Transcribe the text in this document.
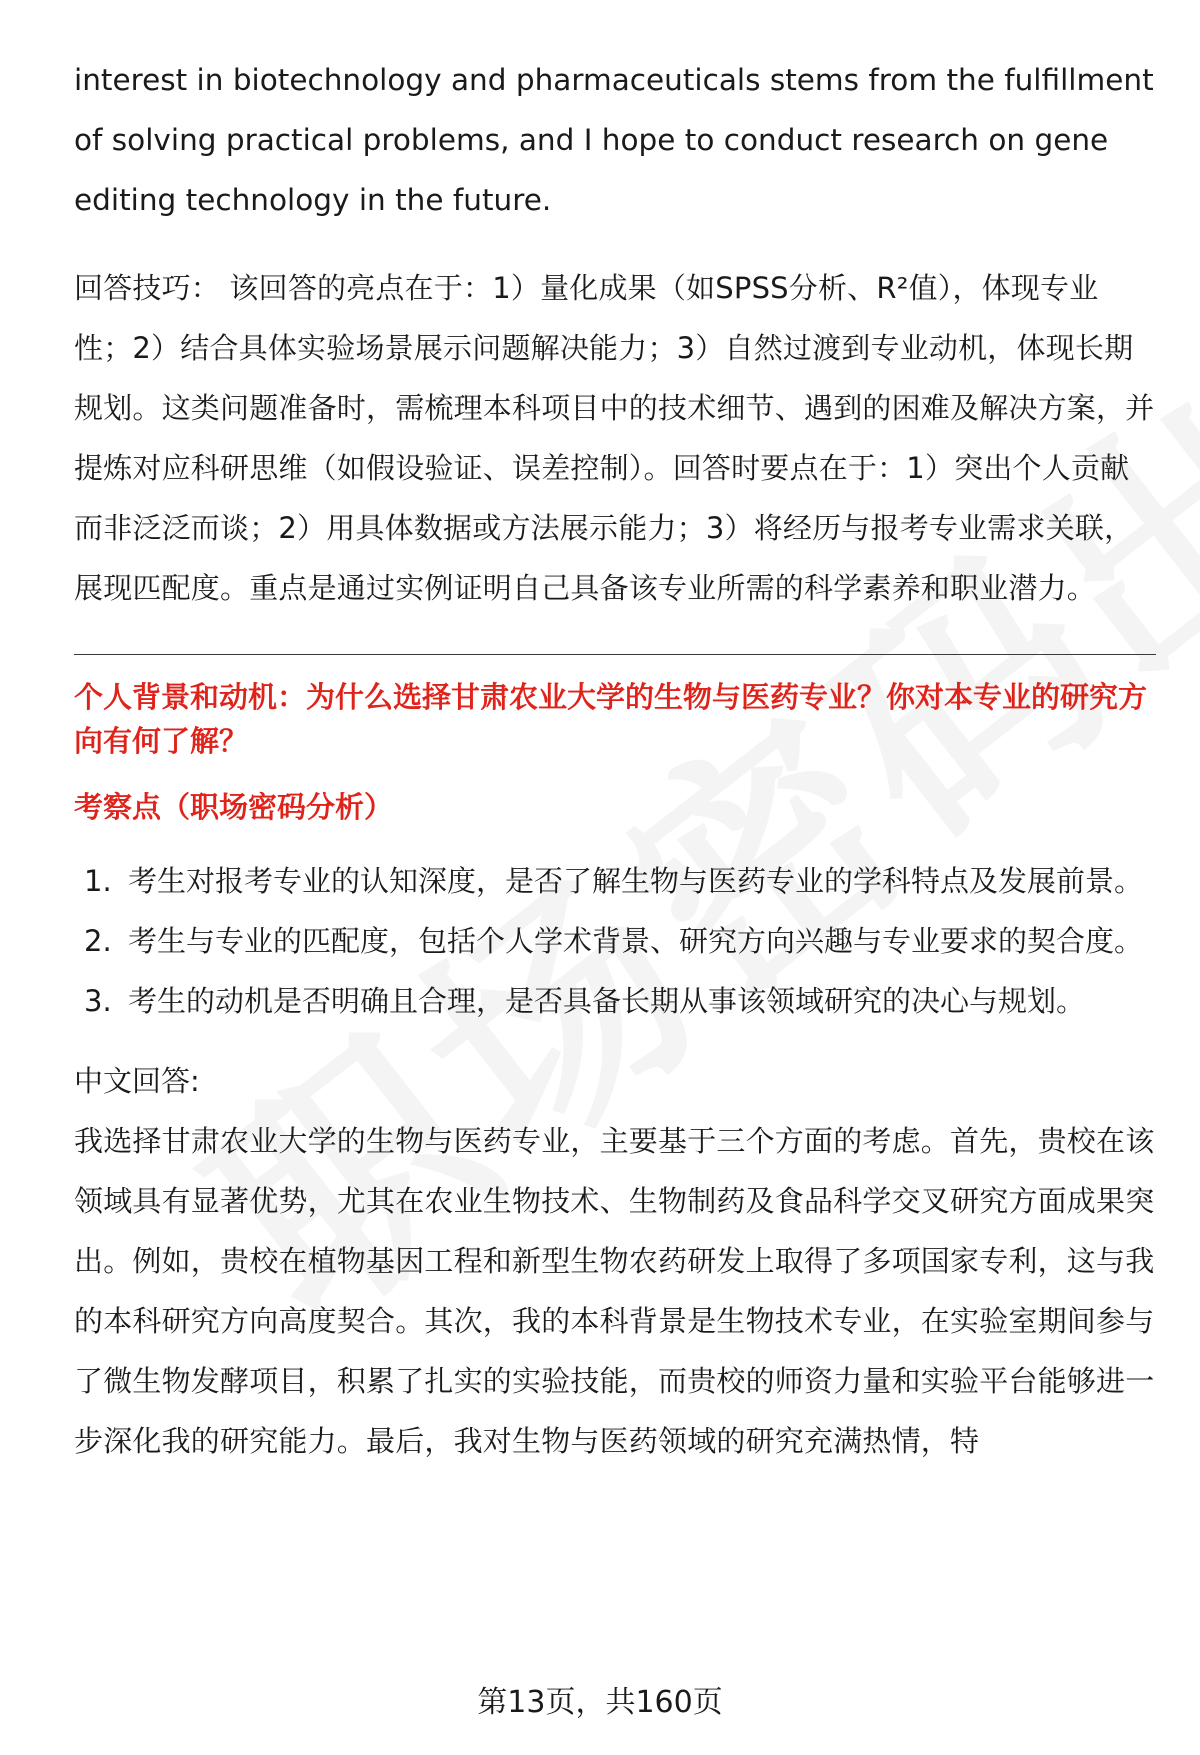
interest in biotechnology and pharmaceuticals stems from the fulfillment of solving practical problems, and I hope to conduct research on gene editing technology in the future.

回答技巧： 该回答的亮点在于：1）量化成果（如SPSS分析、R²值），体现专业性；2）结合具体实验场景展示问题解决能力；3）自然过渡到专业动机，体现长期规划。这类问题准备时，需梳理本科项目中的技术细节、遇到的困难及解决方案，并提炼对应科研思维（如假设验证、误差控制）。回答时要点在于：1）突出个人贡献而非泛泛而谈；2）用具体数据或方法展示能力；3）将经历与报考专业需求关联，展现匹配度。重点是通过实例证明自己具备该专业所需的科学素养和职业潜力。

个人背景和动机：为什么选择甘肃农业大学的生物与医药专业？你对本专业的研究方向有何了解？

考察点（职场密码分析）

1. 考生对报考专业的认知深度，是否了解生物与医药专业的学科特点及发展前景。
2. 考生与专业的匹配度，包括个人学术背景、研究方向兴趣与专业要求的契合度。
3. 考生的动机是否明确且合理，是否具备长期从事该领域研究的决心与规划。

中文回答:

我选择甘肃农业大学的生物与医药专业，主要基于三个方面的考虑。首先，贵校在该领域具有显著优势，尤其在农业生物技术、生物制药及食品科学交叉研究方面成果突出。例如，贵校在植物基因工程和新型生物农药研发上取得了多项国家专利，这与我的本科研究方向高度契合。其次，我的本科背景是生物技术专业，在实验室期间参与了微生物发酵项目，积累了扎实的实验技能，而贵校的师资力量和实验平台能够进一步深化我的研究能力。最后，我对生物与医药领域的研究充满热情，特

第13页，共160页
